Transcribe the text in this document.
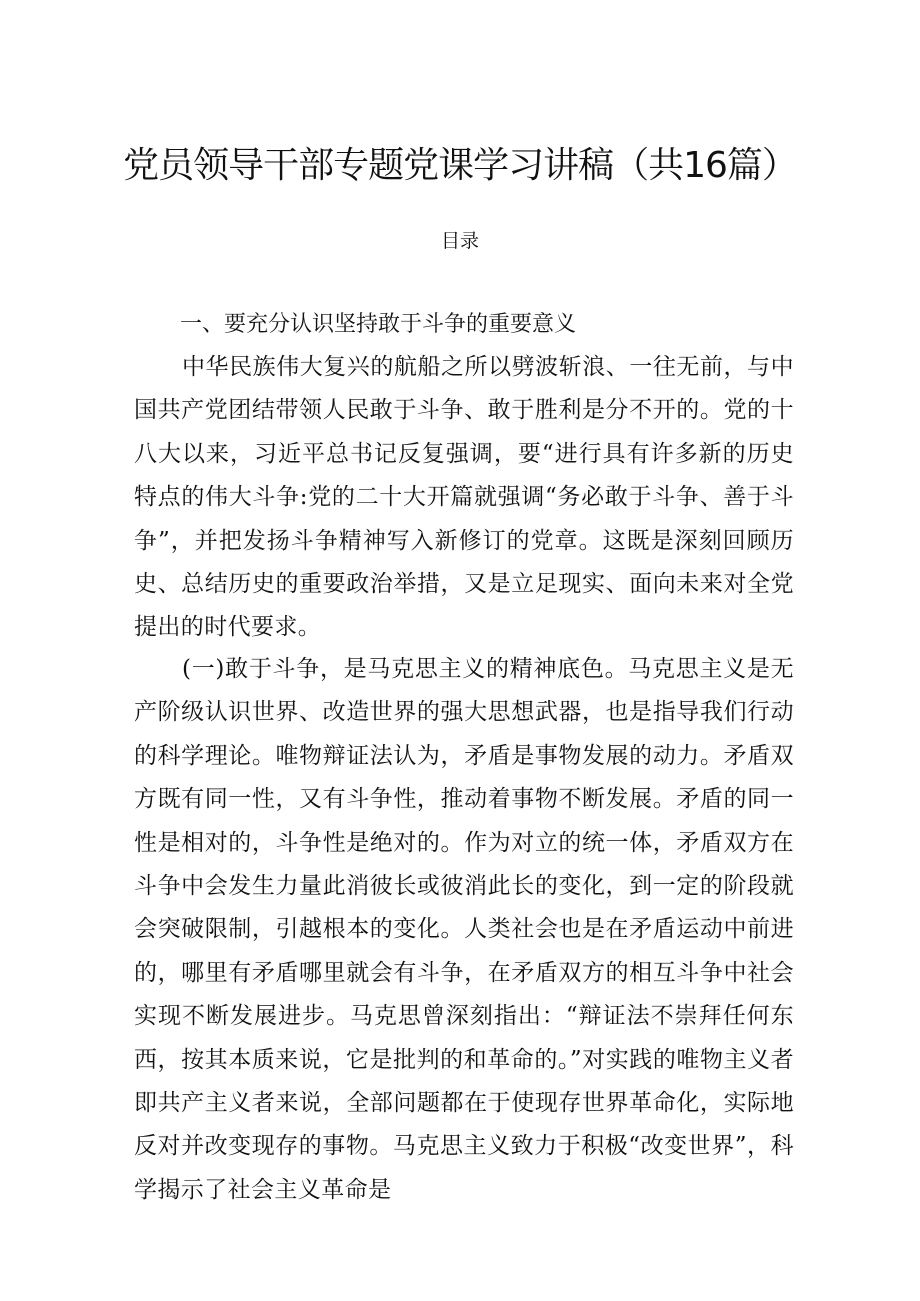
党员领导干部专题党课学习讲稿（共16篇）
目录
一、要充分认识坚持敢于斗争的重要意义

中华民族伟大复兴的航船之所以劈波斩浪、一往无前，与中国共产党团结带领人民敢于斗争、敢于胜利是分不开的。党的十八大以来，习近平总书记反复强调，要“进行具有许多新的历史特点的伟大斗争:党的二十大开篇就强调“务必敢于斗争、善于斗争”，并把发扬斗争精神写入新修订的党章。这既是深刻回顾历史、总结历史的重要政治举措，又是立足现实、面向未来对全党提出的时代要求。

(一)敢于斗争，是马克思主义的精神底色。马克思主义是无产阶级认识世界、改造世界的强大思想武器，也是指导我们行动的科学理论。唯物辩证法认为，矛盾是事物发展的动力。矛盾双方既有同一性，又有斗争性，推动着事物不断发展。矛盾的同一性是相对的，斗争性是绝对的。作为对立的统一体，矛盾双方在斗争中会发生力量此消彼长或彼消此长的变化，到一定的阶段就会突破限制，引越根本的变化。人类社会也是在矛盾运动中前进的，哪里有矛盾哪里就会有斗争，在矛盾双方的相互斗争中社会实现不断发展进步。马克思曾深刻指出：“辩证法不崇拜任何东西，按其本质来说，它是批判的和革命的。”对实践的唯物主义者即共产主义者来说，全部问题都在于使现存世界革命化，实际地反对并改变现存的事物。马克思主义致力于积极“改变世界”，科学揭示了社会主义革命是
